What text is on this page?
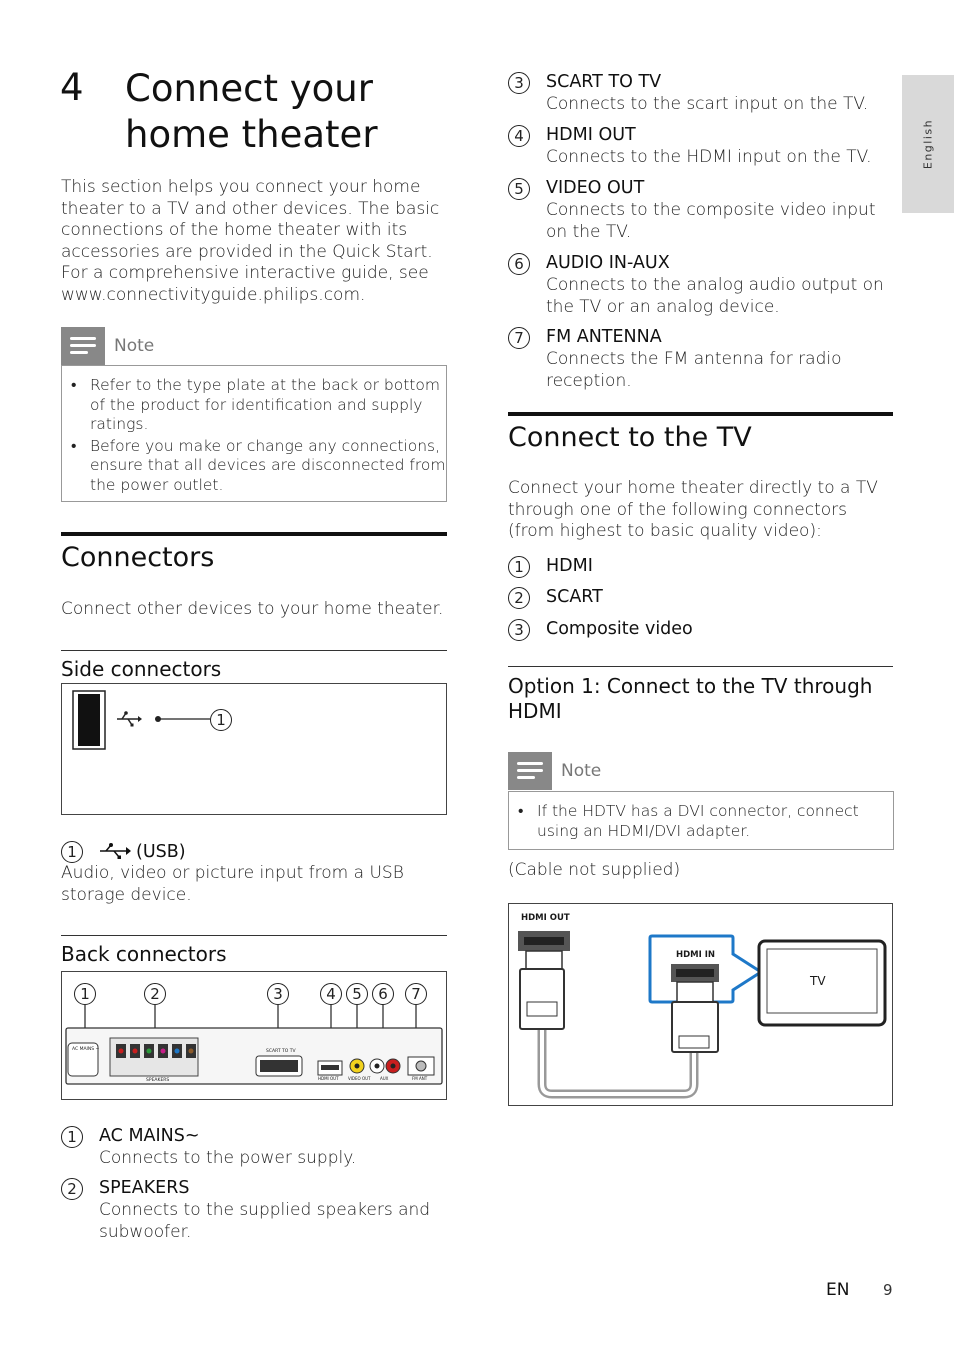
English
4 Connect your home theater
This section helps you connect your home theater to a TV and other devices. The basic connections of the home theater with its accessories are provided in the Quick Start. For a comprehensive interactive guide, see www.connectivityguide.philips.com.
Note
• Refer to the type plate at the back or bottom of the product for identification and supply ratings.
• Before you make or change any connections, ensure that all devices are disconnected from the power outlet.
Connectors
Connect other devices to your home theater.
Side connectors
1
1	(USB)
Audio, video or picture input from a USB storage device.
Back connectors
AC MAINS ~
SPEAKERS
SCART TO TV
HDMI OUT VIDEO OUT AUX	FM ANT
1	2	3	4	5	6	7
1	AC MAINS~
Connects to the power supply.
2	SPEAKERS
Connects to the supplied speakers and subwoofer.
3	SCART TO TV
Connects to the scart input on the TV.
4	HDMI OUT
Connects to the HDMI input on the TV.
5	VIDEO OUT
Connects to the composite video input on the TV.
6	AUDIO IN-AUX
Connects to the analog audio output on the TV or an analog device.
7	FM ANTENNA
Connects the FM antenna for radio reception.
Connect to the TV
Connect your home theater directly to a TV through one of the following connectors (from highest to basic quality video):
1	HDMI
2	SCART
3	Composite video
Option 1: Connect to the TV through HDMI
Note
• If the HDTV has a DVI connector, connect using an HDMI/DVI adapter.
(Cable not supplied)
HDMI OUT
HDMI IN
TV
EN 9
